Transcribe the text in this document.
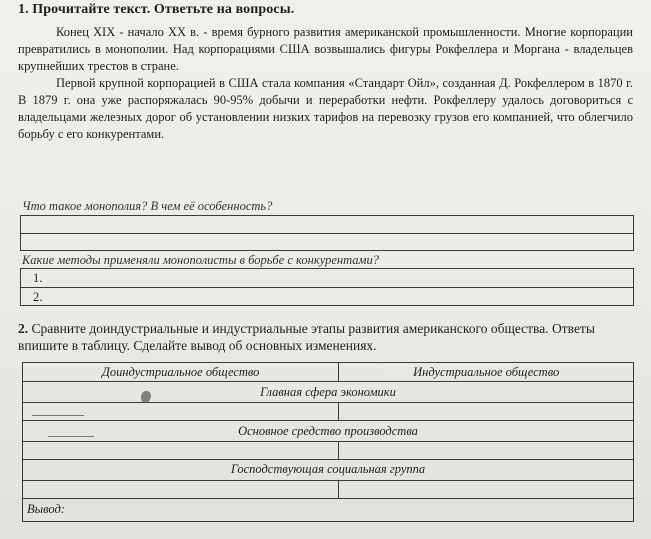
1. Прочитайте текст. Ответьте на вопросы.
Конец XIX - начало XX в. - время бурного развития американской промышленности. Многие корпорации превратились в монополии. Над корпорациями США возвышались фигуры Рокфеллера и Моргана - владельцев крупнейших трестов в стране.
Первой крупной корпорацией в США стала компания «Стандарт Ойл», созданная Д. Рокфеллером в 1870 г. В 1879 г. она уже распоряжалась 90-95% добычи и переработки нефти. Рокфеллеру удалось договориться с владельцами железных дорог об установлении низких тарифов на перевозку грузов его компанией, что облегчило борьбу с его конкурентами.
Что такое монополия? В чем её особенность?
Какие методы применяли монополисты в борьбе с конкурентами?
1.
2.
2. Сравните доиндустриальные и индустриальные этапы развития американского общества. Ответы впишите в таблицу. Сделайте вывод об основных изменениях.
Доиндустриальное общество	Индустриальное общество
Главная сфера экономики	

Основное средство производства	

Господствующая социальная группа	

Вывод:	
